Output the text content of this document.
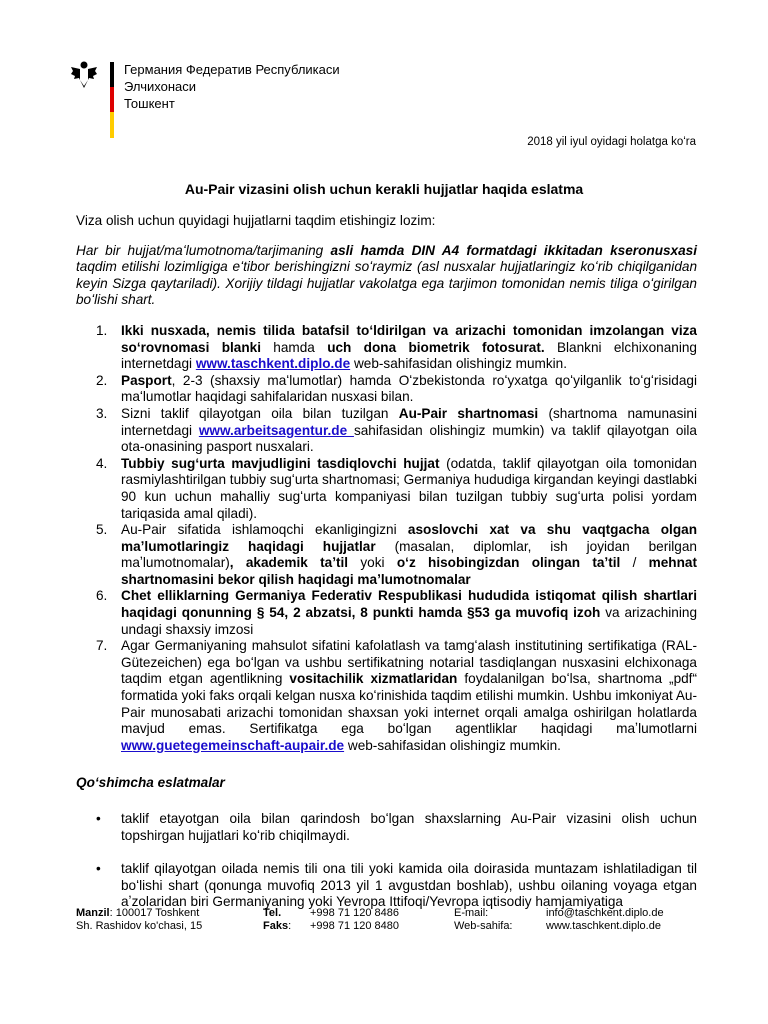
Германия Федератив Республикаси
Элчихонаси
Тошкент
2018 yil iyul oyidagi holatga koʻra
Au-Pair vizasini olish uchun kerakli hujjatlar haqida eslatma

Viza olish uchun quyidagi hujjatlarni taqdim etishingiz lozim:

Har bir hujjat/maʻlumotnoma/tarjimaning asli hamda DIN A4 formatdagi ikkitadan kseronusxasi taqdim etilishi lozimligiga eʻtibor berishingizni soʻraymiz (asl nusxalar hujjatlaringiz koʻrib chiqilganidan keyin Sizga qaytariladi). Xorijiy tildagi hujjatlar vakolatga ega tarjimon tomonidan nemis tiliga oʻgirilgan boʻlishi shart.

1. Ikki nusxada, nemis tilida batafsil toʻldirilgan va arizachi tomonidan imzolangan viza soʻrovnomasi blanki hamda uch dona biometrik fotosurat. Blankni elchixonaning internetdagi www.taschkent.diplo.de web-sahifasidan olishingiz mumkin.
2. Pasport, 2-3 (shaxsiy maʻlumotlar) hamda Oʻzbekistonda roʻyxatga qoʻyilganlik toʻgʻrisidagi maʻlumotlar haqidagi sahifalaridan nusxasi bilan.
3. Sizni taklif qilayotgan oila bilan tuzilgan Au-Pair shartnomasi (shartnoma namunasini internetdagi www.arbeitsagentur.de sahifasidan olishingiz mumkin) va taklif qilayotgan oila ota-onasining pasport nusxalari.
4. Tubbiy sugʻurta mavjudligini tasdiqlovchi hujjat (odatda, taklif qilayotgan oila tomonidan rasmiylashtirilgan tubbiy sugʻurta shartnomasi; Germaniya hududiga kirgandan keyingi dastlabki 90 kun uchun mahalliy sugʻurta kompaniyasi bilan tuzilgan tubbiy sugʻurta polisi yordam tariqasida amal qiladi).
5. Au-Pair sifatida ishlamoqchi ekanligingizni asoslovchi xat va shu vaqtgacha olgan maʼlumotlaringiz haqidagi hujjatlar (masalan, diplomlar, ish joyidan berilgan maʼlumotnomalar), akademik taʼtil yoki oʻz hisobingizdan olingan taʼtil / mehnat shartnomasini bekor qilish haqidagi maʼlumotnomalar
6. Chet elliklarning Germaniya Federativ Respublikasi hududida istiqomat qilish shartlari haqidagi qonunning § 54, 2 abzatsi, 8 punkti hamda §53 ga muvofiq izoh va arizachining undagi shaxsiy imzosi
7. Agar Germaniyaning mahsulot sifatini kafolatlash va tamgʻalash institutining sertifikatiga (RAL-Gütezeichen) ega boʻlgan va ushbu sertifikatning notarial tasdiqlangan nusxasini elchixonaga taqdim etgan agentlikning vositachilik xizmatlaridan foydalanilgan boʻlsa, shartnoma „pdf“ formatida yoki faks orqali kelgan nusxa koʻrinishida taqdim etilishi mumkin. Ushbu imkoniyat Au-Pair munosabati arizachi tomonidan shaxsan yoki internet orqali amalga oshirilgan holatlarda mavjud emas. Sertifikatga ega boʻlgan agentliklar haqidagi maʼlumotlarni www.guetegemeinschaft-aupair.de web-sahifasidan olishingiz mumkin.

Qoʻshimcha eslatmalar

• taklif etayotgan oila bilan qarindosh boʻlgan shaxslarning Au-Pair vizasini olish uchun topshirgan hujjatlari koʻrib chiqilmaydi.
• taklif qilayotgan oilada nemis tili ona tili yoki kamida oila doirasida muntazam ishlatiladigan til boʻlishi shart (qonunga muvofiq 2013 yil 1 avgustdan boshlab), ushbu oilaning voyaga etgan aʼzolaridan biri Germaniyaning yoki Yevropa Ittifoqi/Yevropa iqtisodiy hamjamiyatiga
Manzil: 100017 Toshkent
Sh. Rashidov ko'chasi, 15
Tel.
Faks:
+998 71 120 8486
+998 71 120 8480
E-mail:
Web-sahifa:
info@taschkent.diplo.de
www.taschkent.diplo.de
